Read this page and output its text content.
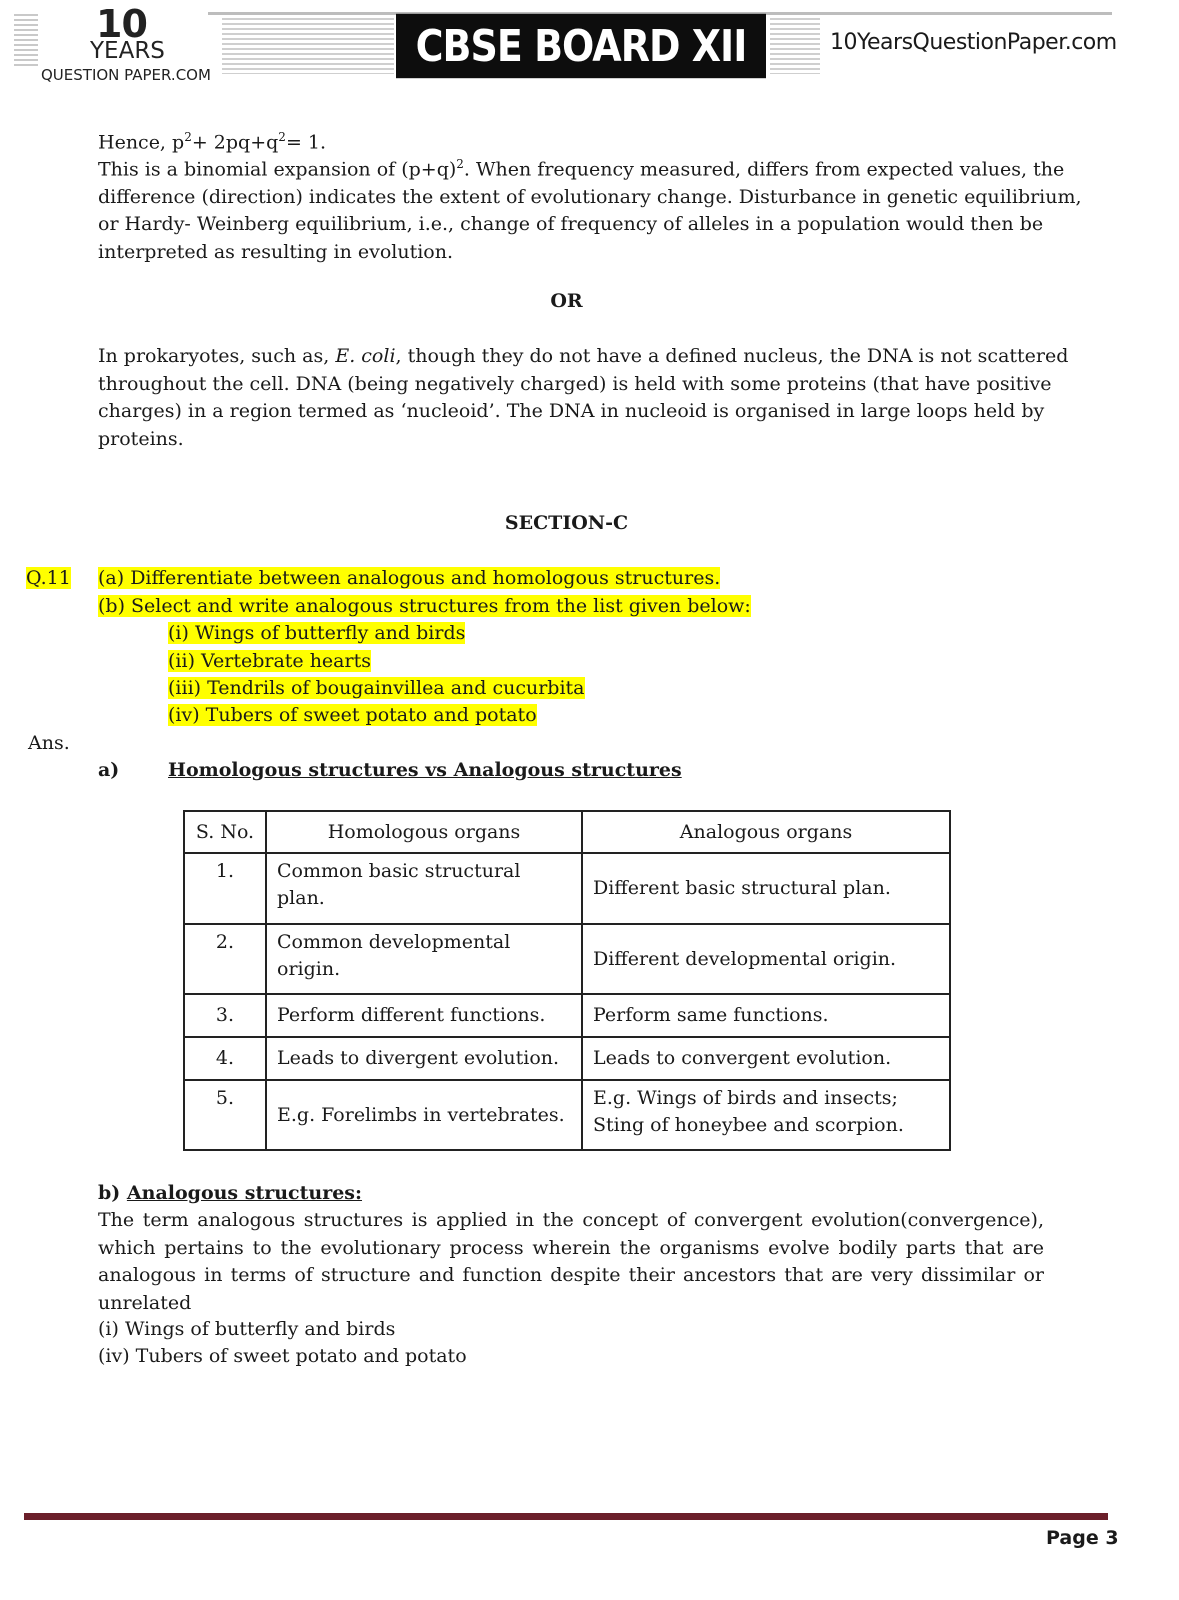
10
YEARS
QUESTION PAPER.COM
CBSE BOARD XII	10YearsQuestionPaper.com
Hence, $p^2+ 2pq+q^2= 1$.
This is a binomial expansion of $(p+q)^2$. When frequency measured, differs from expected values, the difference (direction) indicates the extent of evolutionary change. Disturbance in genetic equilibrium, or Hardy- Weinberg equilibrium, i.e., change of frequency of alleles in a population would then be interpreted as resulting in evolution.
OR
In prokaryotes, such as, E. coli, though they do not have a defined nucleus, the DNA is not scattered throughout the cell. DNA (being negatively charged) is held with some proteins (that have positive charges) in a region termed as ‘nucleoid’. The DNA in nucleoid is organised in large loops held by proteins.
SECTION-C
Q.11 (a) Differentiate between analogous and homologous structures.
(b) Select and write analogous structures from the list given below:
(i) Wings of butterfly and birds
(ii) Vertebrate hearts
(iii) Tendrils of bougainvillea and cucurbita
(iv) Tubers of sweet potato and potato
Ans.
a)	Homologous structures vs Analogous structures
S. No.	Homologous organs	Analogous organs
1.	Common basic structural plan.	Different basic structural plan.
2.	Common developmental origin.	Different developmental origin.
3.	Perform different functions.	Perform same functions.
4.	Leads to divergent evolution.	Leads to convergent evolution.
5.	E.g. Forelimbs in vertebrates.	E.g. Wings of birds and insects; Sting of honeybee and scorpion.
b) Analogous structures:
The term analogous structures is applied in the concept of convergent evolution(convergence), which pertains to the evolutionary process wherein the organisms evolve bodily parts that are analogous in terms of structure and function despite their ancestors that are very dissimilar or unrelated
(i) Wings of butterfly and birds
(iv) Tubers of sweet potato and potato
Page 3
